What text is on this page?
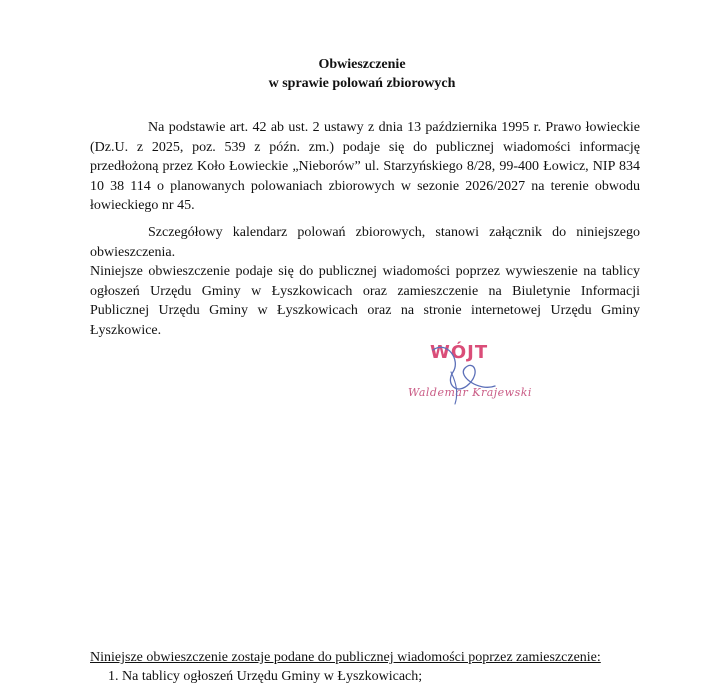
Obwieszczenie
w sprawie polowań zbiorowych

Na podstawie art. 42 ab ust. 2 ustawy z dnia 13 października 1995 r. Prawo łowieckie (Dz.U. z 2025, poz. 539 z późn. zm.) podaje się do publicznej wiadomości informację przedłożoną przez Koło Łowieckie „Nieborów” ul. Starzyńskiego 8/28, 99-400 Łowicz, NIP 834 10 38 114 o planowanych polowaniach zbiorowych w sezonie 2026/2027 na terenie obwodu łowieckiego nr 45.

Szczegółowy kalendarz polowań zbiorowych, stanowi załącznik do niniejszego obwieszczenia.

Niniejsze obwieszczenie podaje się do publicznej wiadomości poprzez wywieszenie na tablicy ogłoszeń Urzędu Gminy w Łyszkowicach oraz zamieszczenie na Biuletynie Informacji Publicznej Urzędu Gminy w Łyszkowicach oraz na stronie internetowej Urzędu Gminy Łyszkowice.

WÓJT
Waldemar Krajewski
Niniejsze obwieszczenie zostaje podane do publicznej wiadomości poprzez zamieszczenie:
1. Na tablicy ogłoszeń Urzędu Gminy w Łyszkowicach;
